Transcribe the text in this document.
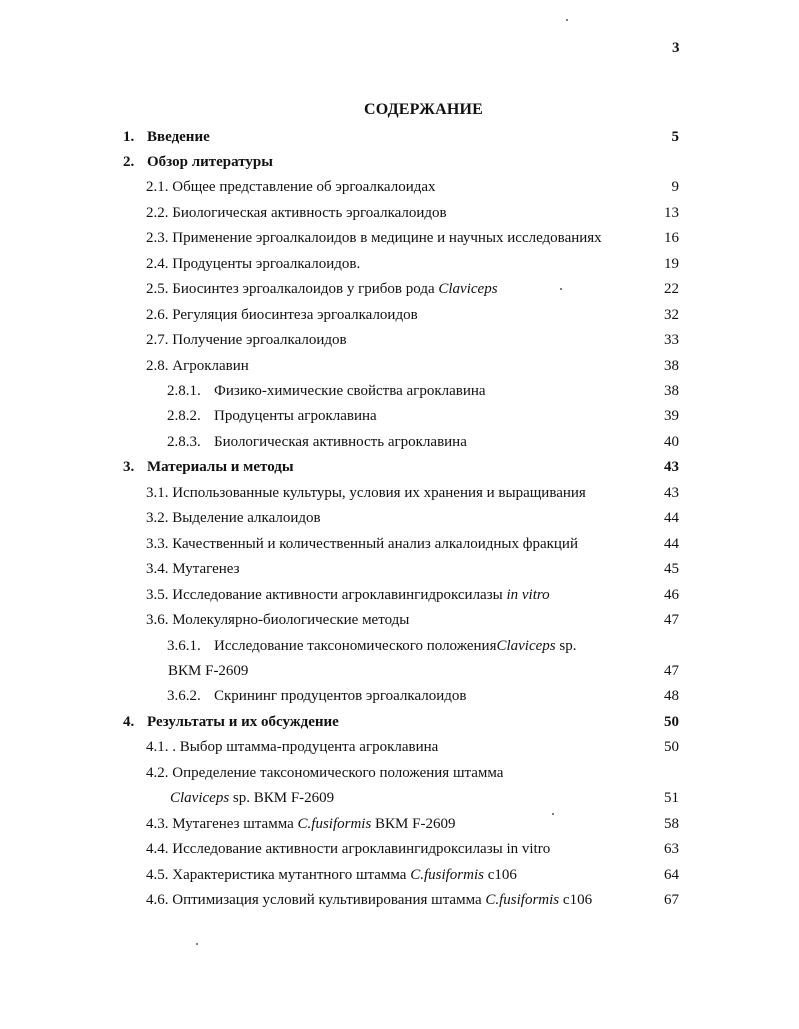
3
СОДЕРЖАНИЕ
1. Введение	5
2. Обзор литературы
2.1. Общее представление об эргоалкалоидах	9
2.2. Биологическая активность эргоалкалоидов	13
2.3. Применение эргоалкалоидов в медицине и научных исследованиях	16
2.4. Продуценты эргоалкалоидов.	19
2.5. Биосинтез эргоалкалоидов у грибов рода Claviceps	22
2.6. Регуляция биосинтеза эргоалкалоидов	32
2.7. Получение эргоалкалоидов	33
2.8. Агроклавин	38
2.8.1. Физико-химические свойства агроклавина	38
2.8.2. Продуценты агроклавина	39
2.8.3. Биологическая активность агроклавина	40
3. Материалы и методы	43
3.1. Использованные культуры, условия их хранения и выращивания	43
3.2. Выделение алкалоидов	44
3.3. Качественный и количественный анализ алкалоидных фракций	44
3.4. Мутагенез	45
3.5. Исследование активности агроклавингидроксилазы in vitro	46
3.6. Молекулярно-биологические методы	47
3.6.1. Исследование таксономического положенияClaviceps sp.
ВКМ F-2609	47
3.6.2. Скрининг продуцентов эргоалкалоидов	48
4. Результаты и их обсуждение	50
4.1. . Выбор штамма-продуцента агроклавина	50
4.2. Определение таксономического положения штамма
Claviceps sp. ВКМ F-2609	51
4.3. Мутагенез штамма C.fusiformis ВКМ F-2609	58
4.4. Исследование активности агроклавингидроксилазы in vitro	63
4.5. Характеристика мутантного штамма C.fusiformis c106	64
4.6. Оптимизация условий культивирования штамма C.fusiformis c106	67
